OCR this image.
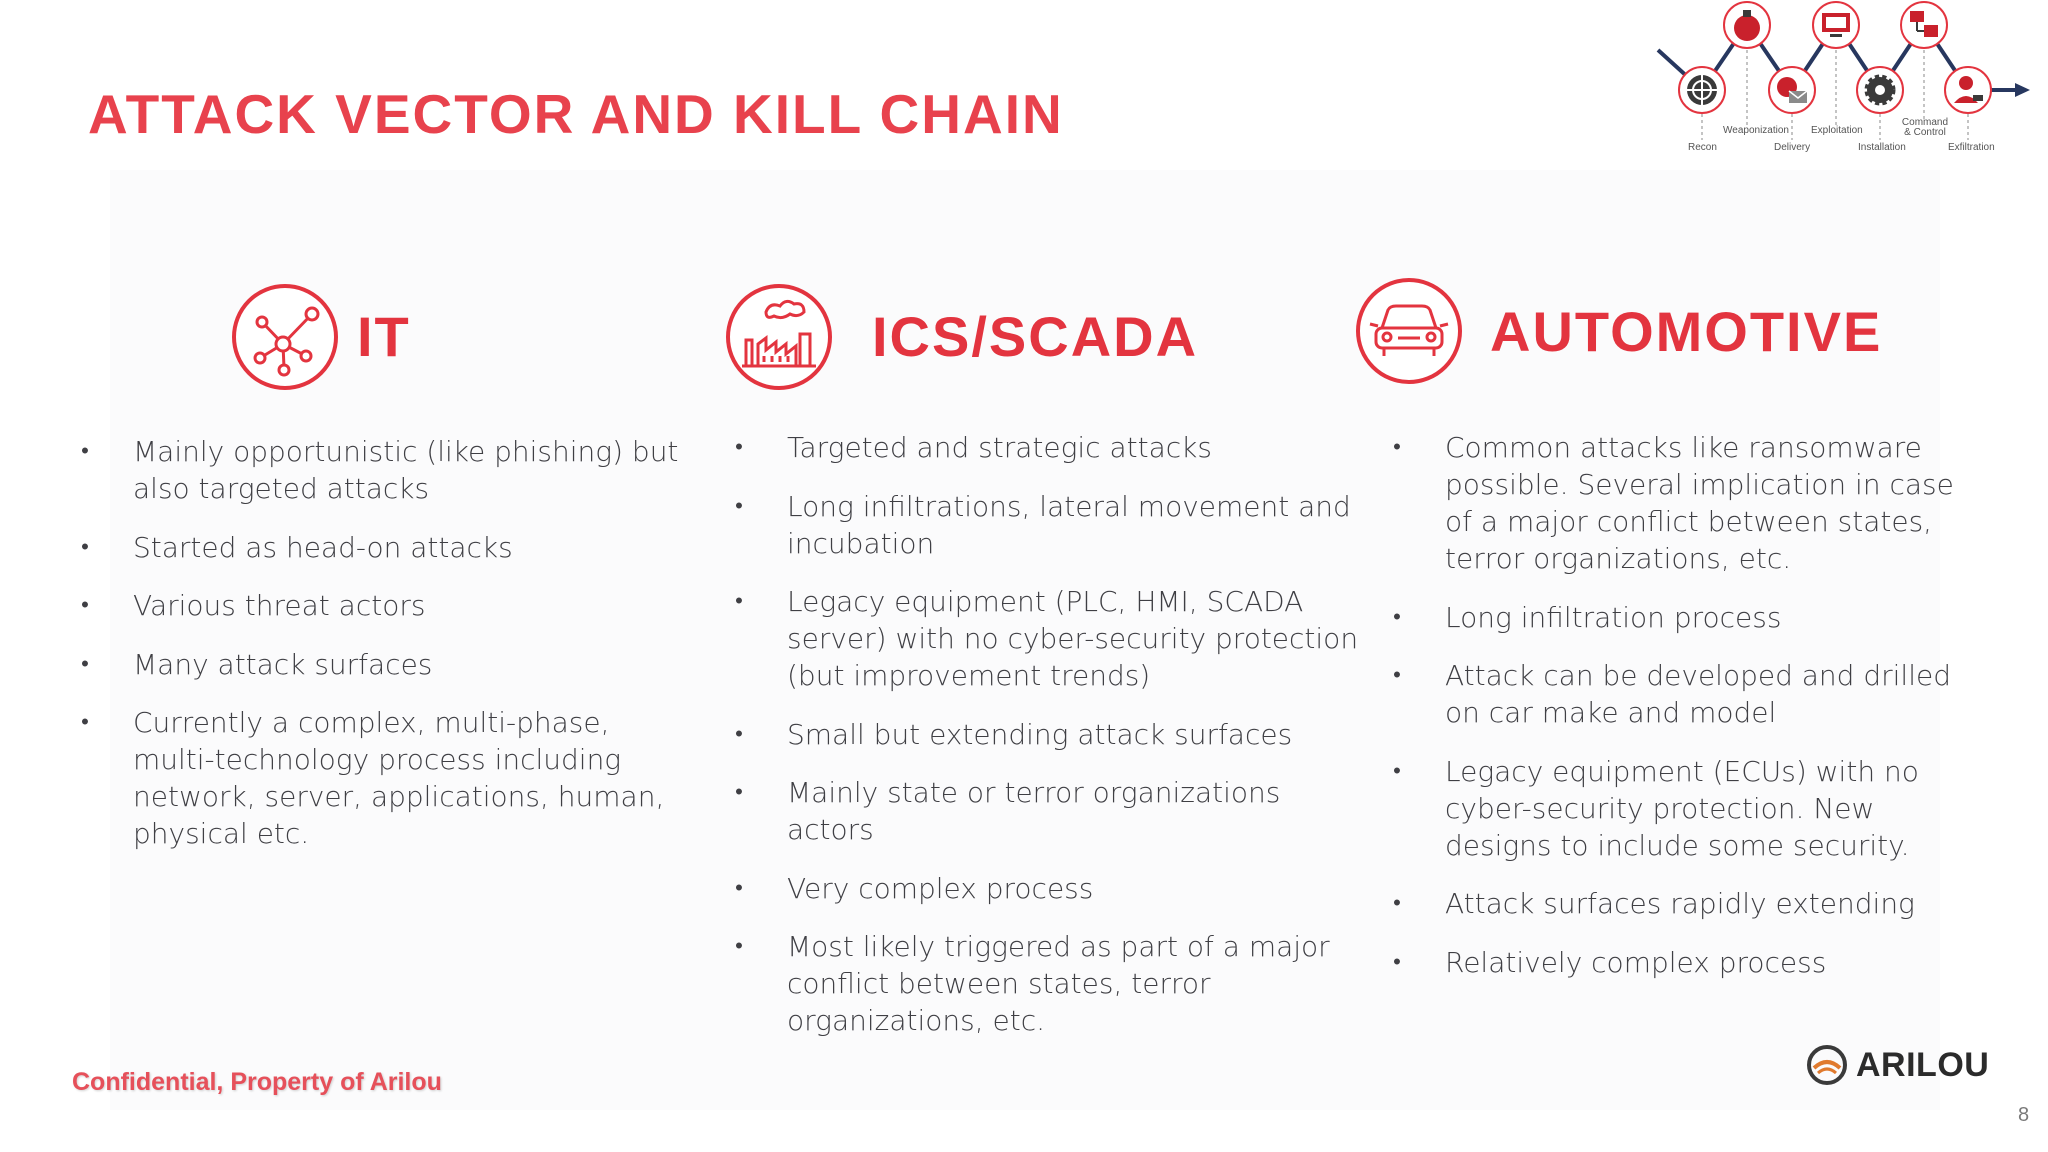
ATTACK VECTOR AND KILL CHAIN
Recon
Weaponization
Delivery
Exploitation
Installation
Command & Control
Exfiltration
IT
• Mainly opportunistic (like phishing) but also targeted attacks
• Started as head-on attacks
• Various threat actors
• Many attack surfaces
• Currently a complex, multi-phase, multi-technology process including network, server, applications, human, physical etc.
ICS/SCADA
• Targeted and strategic attacks
• Long infiltrations, lateral movement and incubation
• Legacy equipment (PLC, HMI, SCADA server) with no cyber-security protection (but improvement trends)
• Small but extending attack surfaces
• Mainly state or terror organizations actors
• Very complex process
• Most likely triggered as part of a major conflict between states, terror organizations, etc.
AUTOMOTIVE
• Common attacks like ransomware possible. Several implication in case of a major conflict between states, terror organizations, etc.
• Long infiltration process
• Attack can be developed and drilled on car make and model
• Legacy equipment (ECUs) with no cyber-security protection. New designs to include some security.
• Attack surfaces rapidly extending
• Relatively complex process
Confidential, Property of Arilou	ARILOU
8
